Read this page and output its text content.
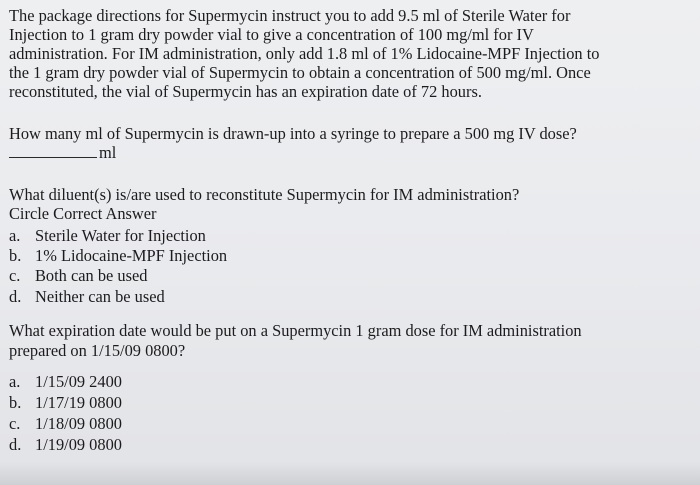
The package directions for Supermycin instruct you to add 9.5 ml of Sterile Water for
Injection to 1 gram dry powder vial to give a concentration of 100 mg/ml for IV
administration. For IM administration, only add 1.8 ml of 1% Lidocaine-MPF Injection to
the 1 gram dry powder vial of Supermycin to obtain a concentration of 500 mg/ml. Once
reconstituted, the vial of Supermycin has an expiration date of 72 hours.
How many ml of Supermycin is drawn-up into a syringe to prepare a 500 mg IV dose?
ml
What diluent(s) is/are used to reconstitute Supermycin for IM administration?
Circle Correct Answer
a. Sterile Water for Injection
b. 1% Lidocaine-MPF Injection
c. Both can be used
d. Neither can be used
What expiration date would be put on a Supermycin 1 gram dose for IM administration
prepared on 1/15/09 0800?
a. 1/15/09 2400
b. 1/17/19 0800
c. 1/18/09 0800
d. 1/19/09 0800
